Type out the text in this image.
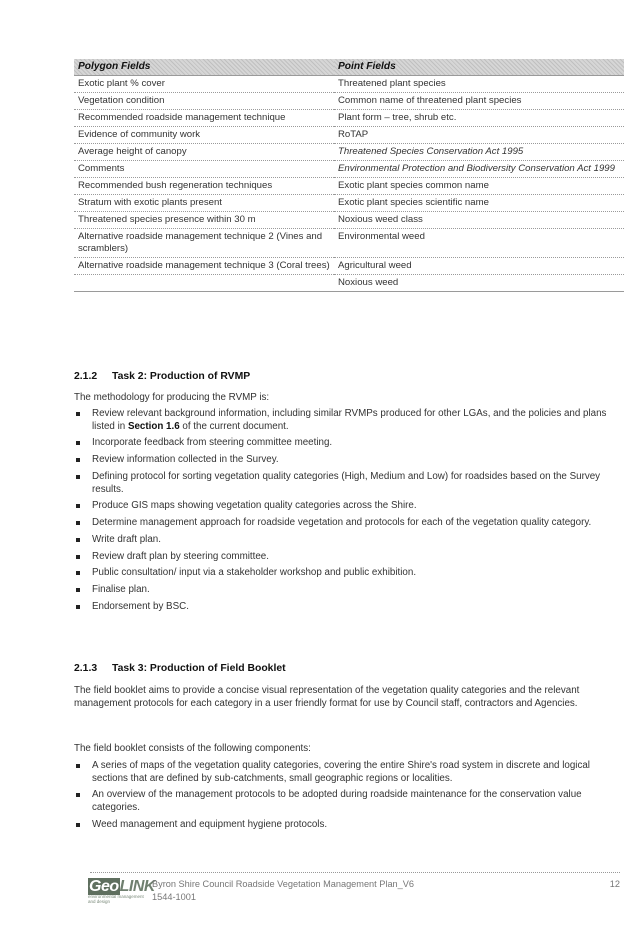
Polygon Fields	Point Fields
Exotic plant % cover	Threatened plant species
Vegetation condition	Common name of threatened plant species
Recommended roadside management technique	Plant form – tree, shrub etc.
Evidence of community work	RoTAP
Average height of canopy	Threatened Species Conservation Act 1995
Comments	Environmental Protection and Biodiversity Conservation Act 1999
Recommended bush regeneration techniques	Exotic plant species common name
Stratum with exotic plants present	Exotic plant species scientific name
Threatened species presence within 30 m	Noxious weed class
Alternative roadside management technique 2 (Vines and scramblers)	Environmental weed
Alternative roadside management technique 3 (Coral trees)	Agricultural weed
	Noxious weed
2.1.2 Task 2: Production of RVMP
The methodology for producing the RVMP is:
Review relevant background information, including similar RVMPs produced for other LGAs, and the policies and plans listed in Section 1.6 of the current document.
Incorporate feedback from steering committee meeting.
Review information collected in the Survey.
Defining protocol for sorting vegetation quality categories (High, Medium and Low) for roadsides based on the Survey results.
Produce GIS maps showing vegetation quality categories across the Shire.
Determine management approach for roadside vegetation and protocols for each of the vegetation quality category.
Write draft plan.
Review draft plan by steering committee.
Public consultation/ input via a stakeholder workshop and public exhibition.
Finalise plan.
Endorsement by BSC.
2.1.3 Task 3: Production of Field Booklet
The field booklet aims to provide a concise visual representation of the vegetation quality categories and the relevant management protocols for each category in a user friendly format for use by Council staff, contractors and Agencies.
The field booklet consists of the following components:
A series of maps of the vegetation quality categories, covering the entire Shire's road system in discrete and logical sections that are defined by sub-catchments, small geographic regions or localities.
An overview of the management protocols to be adopted during roadside maintenance for the conservation value categories.
Weed management and equipment hygiene protocols.
GeoLINK
environmental management and design
Byron Shire Council Roadside Vegetation Management Plan_V6
1544-1001
12
